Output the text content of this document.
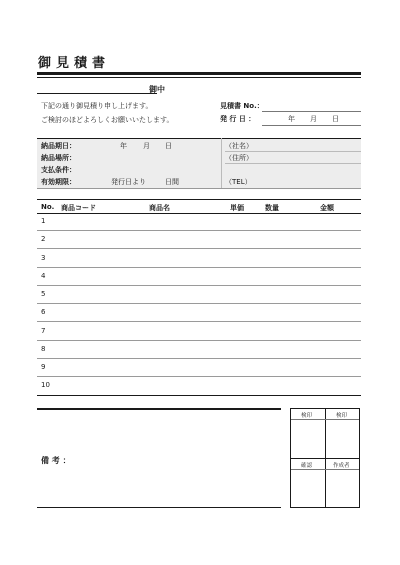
御見積書
御中
下記の通り御見積り申し上げます。
ご検討のほどよろしくお願いいたします。
見積書 No.：
発 行 日 ：	年 月 日
納品期日：	年 月 日
納品場所：
支払条件：
有効期限：	発行日より	日間
（社名）
（住所）
（TEL）
No. 商品コード	商品名	単価	数量	金額
1
2
3
4
5
6
7
8
9
10
備 考 ：
検印	検印
確認	作成者
